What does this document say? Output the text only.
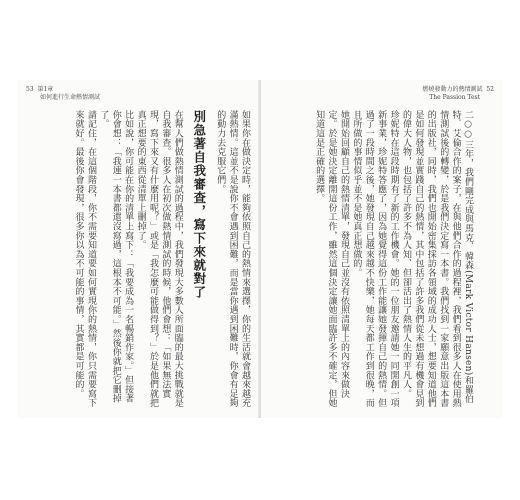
53 第1章
如何進行生命熱情測試
如果你在做決定時，能夠依照自己的熱情來選擇，你的生活就會越來越充滿熱情。這並不是說你不會遇到困難，而是當你遇到困難時，你會有足夠的動力去克服它們。
別急著自我審查，寫下來就對了
在幫人們做熱情測試的過程中，我們發現大多數人所面臨的最大挑戰就是自我審查。很多人在初次做熱情測試的時候，他們會想：「如果無法實現，寫下來又有什麼用呢？」或是「我怎麼可能做得到？」於是他們就把真正想要的東西從清單上刪掉了。
比如說，你可能在你的清單上寫下：「我要成為一名暢銷作家。」但接著你會想：「我連一本書都還沒寫過，這根本不可能。」然後你就把它刪掉了。
請記住，在這個階段，你不需要知道要如何實現你的熱情，你只需要寫下來就好。最後你會發現，很多你以為不可能的事情，其實都是可能的。
燃燒發動力的熱情測試 52
The Passion Test
二○○三年，我們剛完成與馬克．韓森(Mark Victor Hansen)和羅伯特．艾倫合作的案子，在與他們合作的過程裡，我們看到很多人在使用熱情測試後的轉變，於是我們決定寫一本書。我們找到一家願意出版這本書的出版社，同時，我們也開始密集採訪各領域的成功人士，想要知道他們是如何發現並實踐自己的熱情，其中包括了許多我們從未想過有機會見到的偉大人物，也包括了許多不為人知、但卻活出了熱情人生的平凡人。
珍妮特在這段時期有了新的工作機會。她的一位朋友邀請她一同開創一項新事業，珍妮特答應了，因為她覺得這份工作能讓她發揮自己的熱情。但過了一段時間之後，她發現自己越來越不快樂，她每天都工作到很晚，而且所做的事情似乎並不是她真正想做的。
她開始回顧自己的熱情清單，發現自己並沒有依照清單上的內容來做決定。於是她決定離開這份工作，雖然這個決定讓她面臨許多不確定，但她知道這是正確的選擇。
